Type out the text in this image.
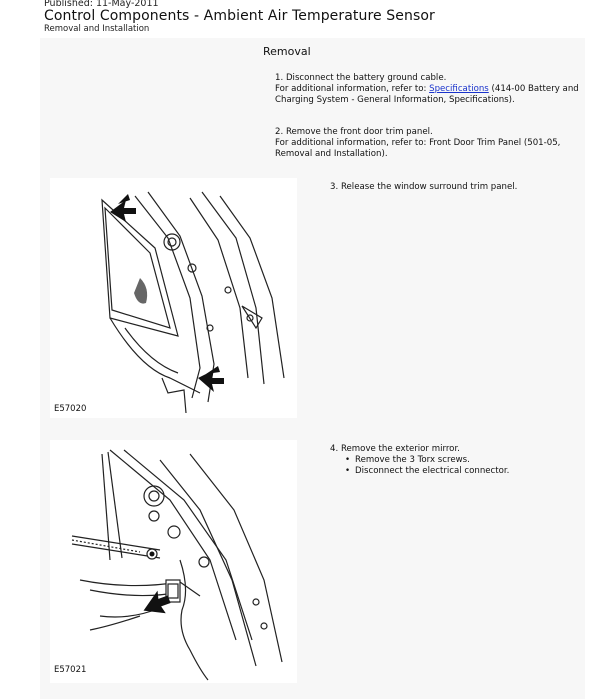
Published: 11-May-2011
Control Components - Ambient Air Temperature Sensor
Removal and Installation
Removal
1. Disconnect the battery ground cable.
For additional information, refer to: Specifications (414-00 Battery and Charging System - General Information, Specifications).
2. Remove the front door trim panel.
For additional information, refer to: Front Door Trim Panel (501-05, Removal and Installation).
E57020
3. Release the window surround trim panel.
E57021
4. Remove the exterior mirror.
• Remove the 3 Torx screws.
• Disconnect the electrical connector.
